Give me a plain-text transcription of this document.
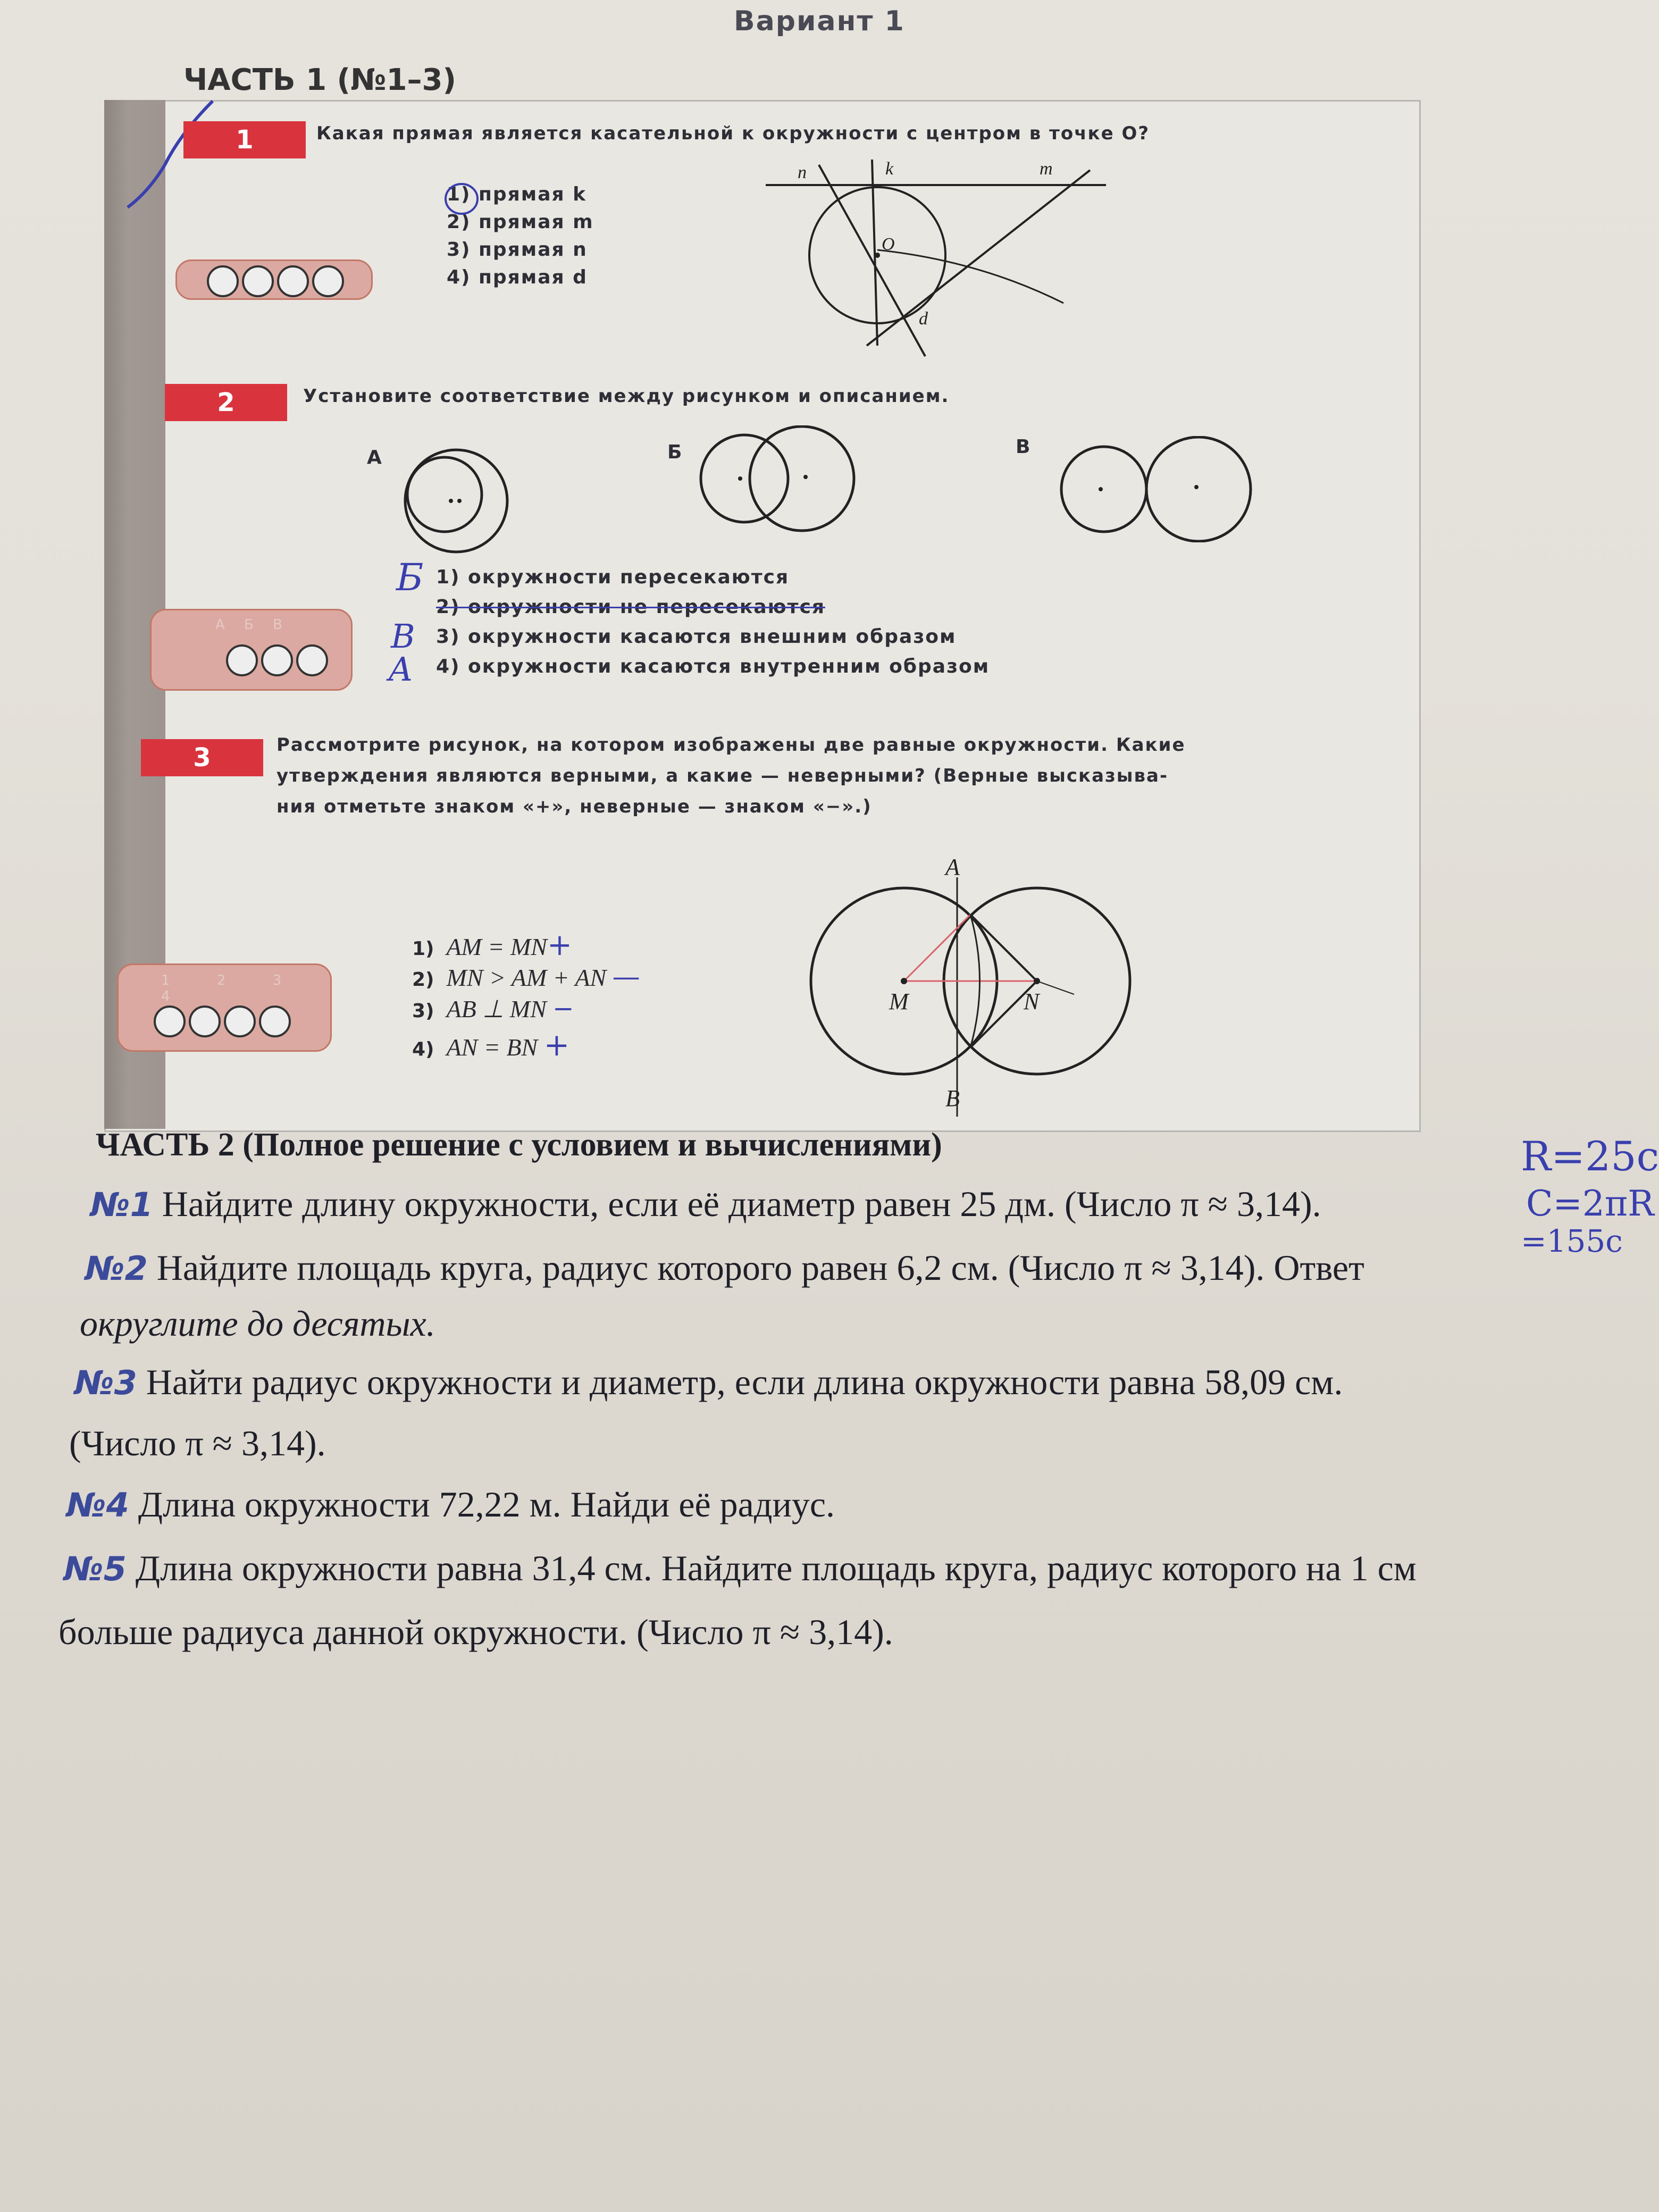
Вариант 1
ЧАСТЬ 1 (№1–3)
1	Какая прямая является касательной к окружности с центром в точке O?
1) прямая k
2) прямая m
3) прямая n
4) прямая d
n	k	m
O
d
2	Установите соответствие между рисунком и описанием.
А	Б	В
1) окружности пересекаются
2) окружности не пересекаются
3) окружности касаются внешним образом
4) окружности касаются внутренним образом
Б
В
А
А Б В
3	Рассмотрите рисунок, на котором изображены две равные окружности. Какие
утверждения являются верными, а какие — неверными? (Верные высказыва-
ния отметьте знаком «+», неверные — знаком «−».)
1) AM = MN+
2) MN > AM + AN —
3) AB ⊥ MN −
4) AN = BN +
1 2 3 4
A
B
M	N
ЧАСТЬ 2 (Полное решение с условием и вычислениями)
№1 Найдите длину окружности, если её диаметр равен 25 дм. (Число π ≈ 3,14).
№2 Найдите площадь круга, радиус которого равен 6,2 см. (Число π ≈ 3,14). Ответ
округлите до десятых.
№3 Найти радиус окружности и диаметр, если длина окружности равна 58,09 см.
(Число π ≈ 3,14).
№4 Длина окружности 72,22 м. Найди её радиус.
№5 Длина окружности равна 31,4 см. Найдите площадь круга, радиус которого на 1 см
больше радиуса данной окружности. (Число π ≈ 3,14).
R=25c
C=2πR
=155c
